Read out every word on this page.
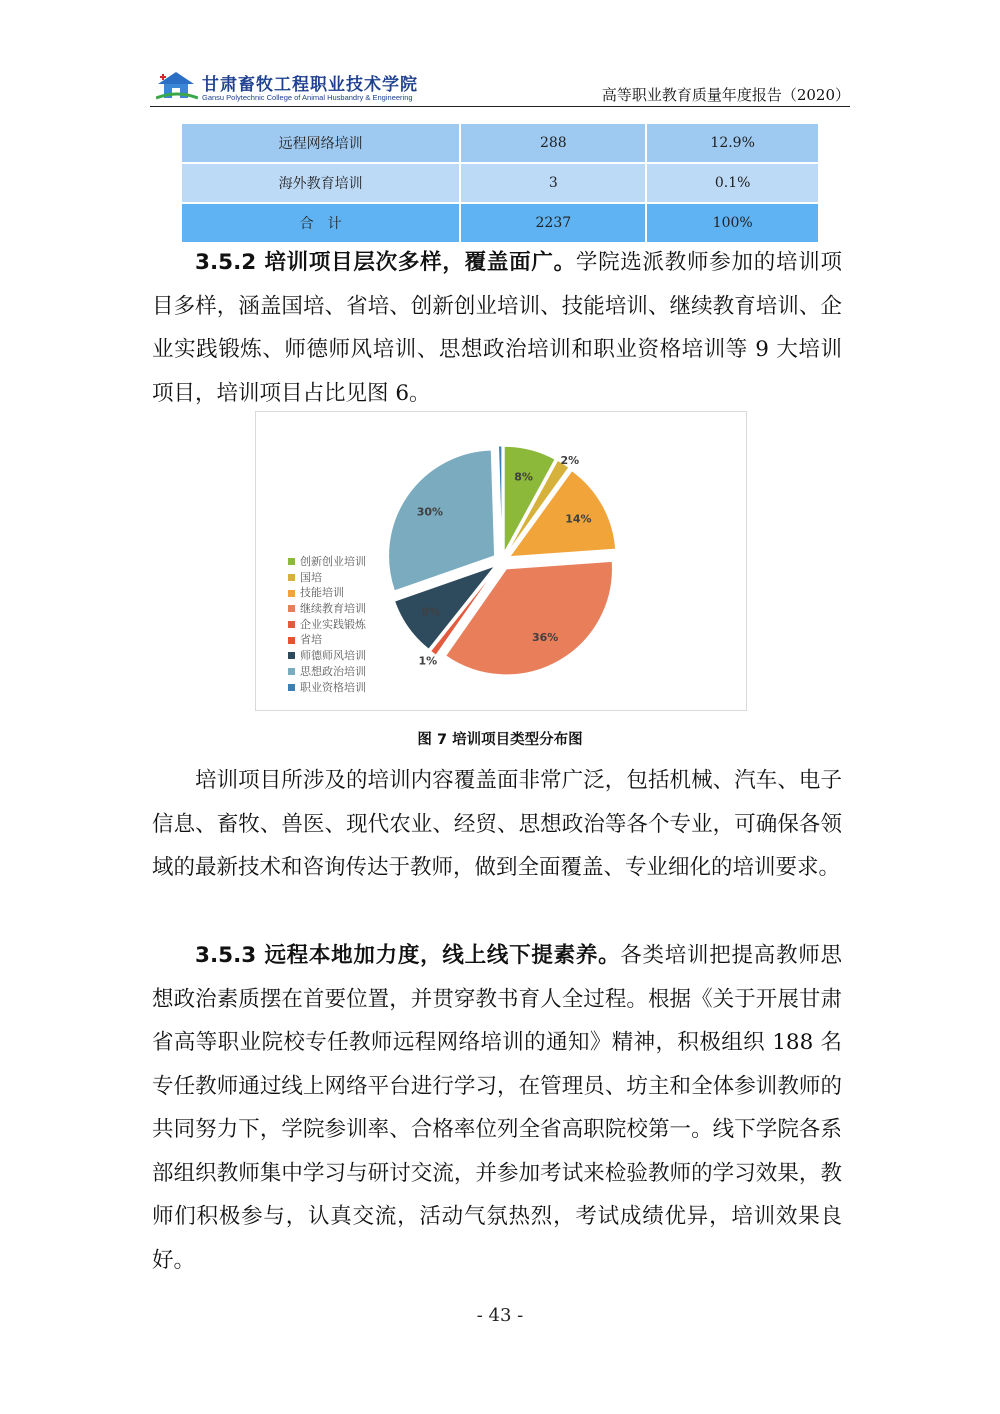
甘肃畜牧工程职业技术学院
Gansu Polytechnic College of Animal Husbandry & Engineering	高等职业教育质量年度报告（2020）
远程网络培训	288	12.9%
海外教育培训	3	0.1%
合　计	2237	100%

3.5.2 培训项目层次多样，覆盖面广。学院选派教师参加的培训项目多样，涵盖国培、省培、创新创业培训、技能培训、继续教育培训、企业实践锻炼、师德师风培训、思想政治培训和职业资格培训等 9 大培训项目，培训项目占比见图 6。

8%
2%
14%
36%
1%
9%
30%
创新创业培训
国培
技能培训
继续教育培训
企业实践锻炼
省培
师德师风培训
思想政治培训
职业资格培训
图 7 培训项目类型分布图

培训项目所涉及的培训内容覆盖面非常广泛，包括机械、汽车、电子信息、畜牧、兽医、现代农业、经贸、思想政治等各个专业，可确保各领域的最新技术和咨询传达于教师，做到全面覆盖、专业细化的培训要求。

3.5.3 远程本地加力度，线上线下提素养。各类培训把提高教师思想政治素质摆在首要位置，并贯穿教书育人全过程。根据《关于开展甘肃省高等职业院校专任教师远程网络培训的通知》精神，积极组织 188 名专任教师通过线上网络平台进行学习，在管理员、坊主和全体参训教师的共同努力下，学院参训率、合格率位列全省高职院校第一。线下学院各系部组织教师集中学习与研讨交流，并参加考试来检验教师的学习效果，教师们积极参与，认真交流，活动气氛热烈，考试成绩优异，培训效果良好。

- 43 -
